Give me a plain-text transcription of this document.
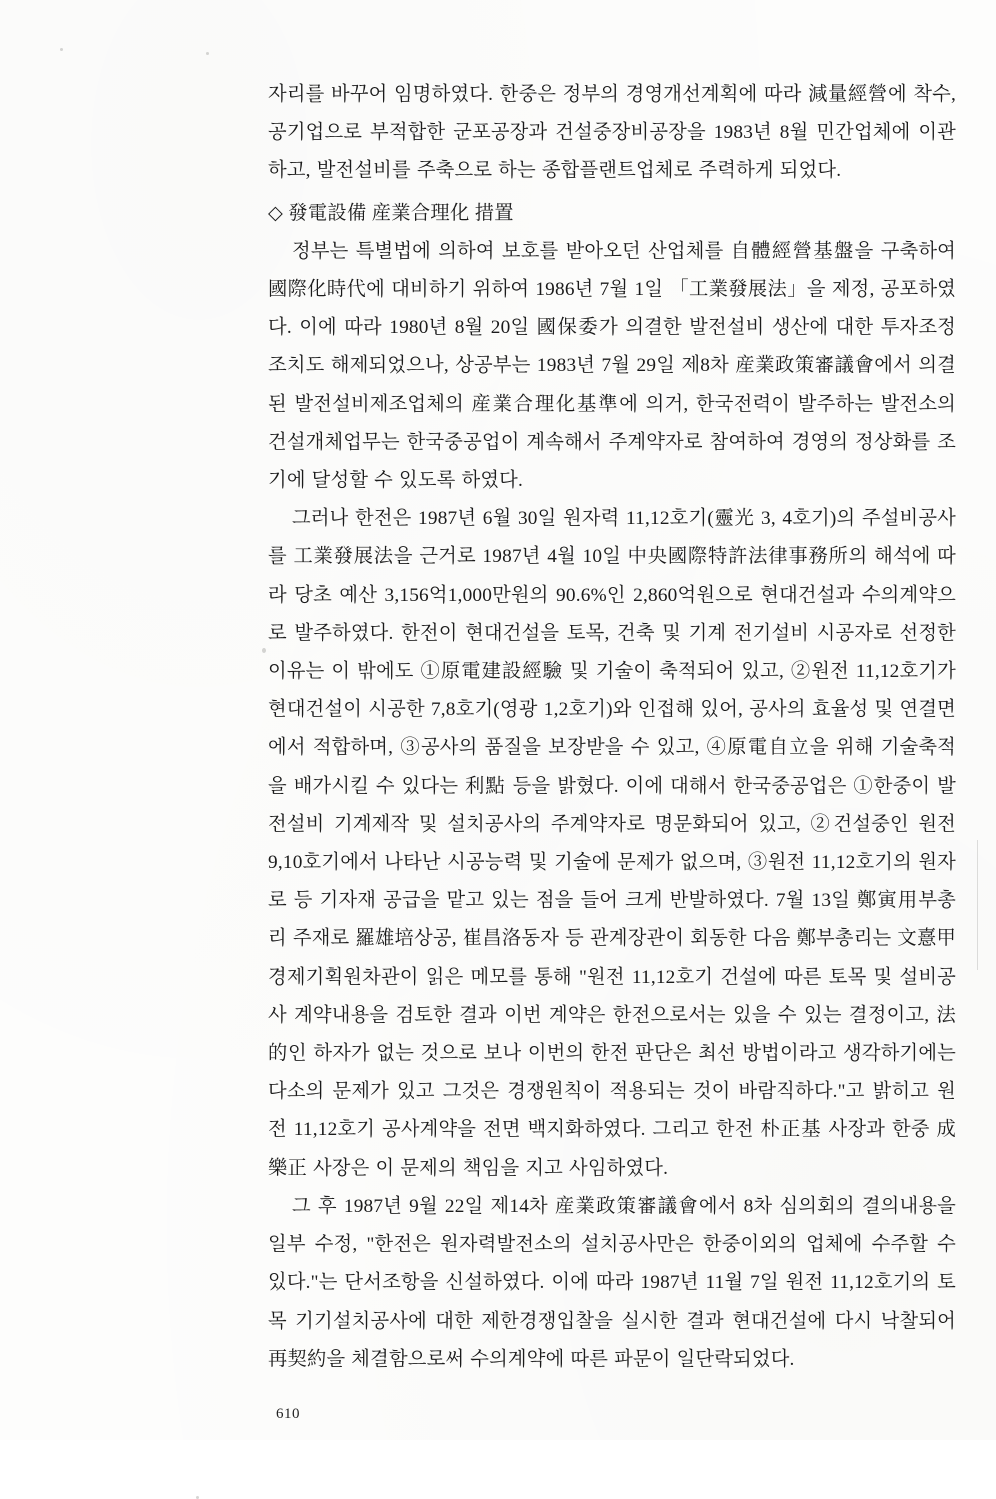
자리를 바꾸어 임명하였다. 한중은 정부의 경영개선계획에 따라 減量經營에 착수, 공기업으로 부적합한 군포공장과 건설중장비공장을 1983년 8월 민간업체에 이관하고, 발전설비를 주축으로 하는 종합플랜트업체로 주력하게 되었다.

◇ 發電設備 産業合理化 措置

정부는 특별법에 의하여 보호를 받아오던 산업체를 自體經營基盤을 구축하여 國際化時代에 대비하기 위하여 1986년 7월 1일 「工業發展法」을 제정, 공포하였다. 이에 따라 1980년 8월 20일 國保委가 의결한 발전설비 생산에 대한 투자조정 조치도 해제되었으나, 상공부는 1983년 7월 29일 제8차 産業政策審議會에서 의결된 발전설비제조업체의 産業合理化基準에 의거, 한국전력이 발주하는 발전소의 건설개체업무는 한국중공업이 계속해서 주계약자로 참여하여 경영의 정상화를 조기에 달성할 수 있도록 하였다.

그러나 한전은 1987년 6월 30일 원자력 11,12호기(靈光 3, 4호기)의 주설비공사를 工業發展法을 근거로 1987년 4월 10일 中央國際特許法律事務所의 해석에 따라 당초 예산 3,156억1,000만원의 90.6%인 2,860억원으로 현대건설과 수의계약으로 발주하였다. 한전이 현대건설을 토목, 건축 및 기계 전기설비 시공자로 선정한 이유는 이 밖에도 ①原電建設經驗 및 기술이 축적되어 있고, ②원전 11,12호기가 현대건설이 시공한 7,8호기(영광 1,2호기)와 인접해 있어, 공사의 효율성 및 연결면에서 적합하며, ③공사의 품질을 보장받을 수 있고, ④原電自立을 위해 기술축적을 배가시킬 수 있다는 利點 등을 밝혔다. 이에 대해서 한국중공업은 ①한중이 발전설비 기계제작 및 설치공사의 주계약자로 명문화되어 있고, ②건설중인 원전 9,10호기에서 나타난 시공능력 및 기술에 문제가 없으며, ③원전 11,12호기의 원자로 등 기자재 공급을 맡고 있는 점을 들어 크게 반발하였다. 7월 13일 鄭寅用부총리 주재로 羅雄培상공, 崔昌洛동자 등 관계장관이 회동한 다음 鄭부총리는 文憙甲 경제기획원차관이 읽은 메모를 통해 "원전 11,12호기 건설에 따른 토목 및 설비공사 계약내용을 검토한 결과 이번 계약은 한전으로서는 있을 수 있는 결정이고, 法的인 하자가 없는 것으로 보나 이번의 한전 판단은 최선 방법이라고 생각하기에는 다소의 문제가 있고 그것은 경쟁원칙이 적용되는 것이 바람직하다."고 밝히고 원전 11,12호기 공사계약을 전면 백지화하였다. 그리고 한전 朴正基 사장과 한중 成樂正 사장은 이 문제의 책임을 지고 사임하였다.

그 후 1987년 9월 22일 제14차 産業政策審議會에서 8차 심의회의 결의내용을 일부 수정, "한전은 원자력발전소의 설치공사만은 한중이외의 업체에 수주할 수 있다."는 단서조항을 신설하였다. 이에 따라 1987년 11월 7일 원전 11,12호기의 토목 기기설치공사에 대한 제한경쟁입찰을 실시한 결과 현대건설에 다시 낙찰되어 再契約을 체결함으로써 수의계약에 따른 파문이 일단락되었다.

610
